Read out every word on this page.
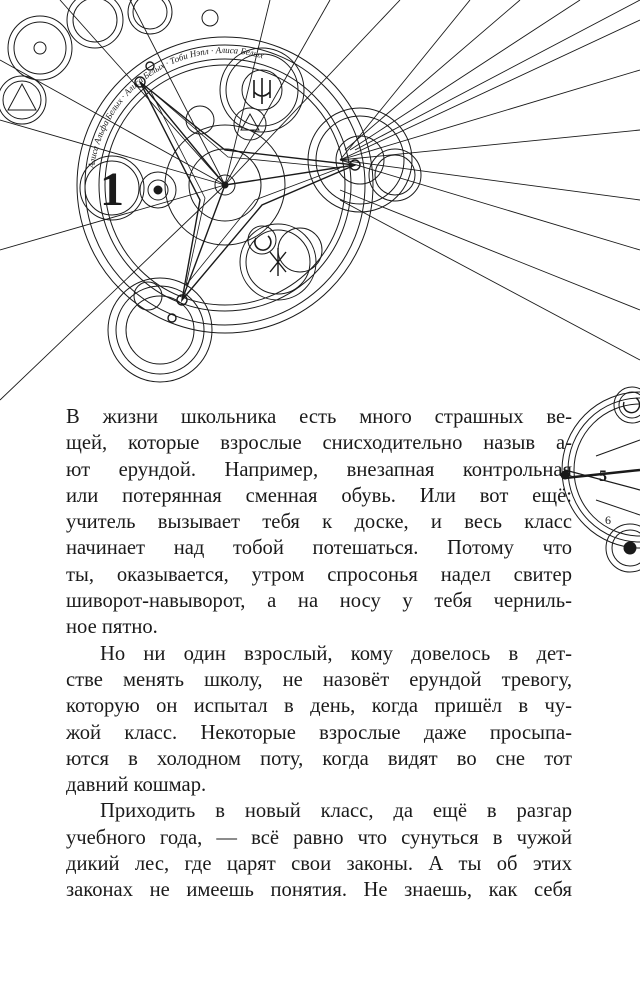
1
5
6
Алиса Альфа Белых · Алиса Белых · Тоби Нэпл · Алиса Белых

В жизни школьника есть много страшных ве-
щей, которые взрослые снисходительно назыв а-
ют ерундой. Например, внезапная контрольная
или потерянная сменная обувь. Или вот ещё:
учитель вызывает тебя к доске, и весь класс
начинает над тобой потешаться. Потому что
ты, оказывается, утром спросонья надел свитер
шиворот-навыворот, а на носу у тебя черниль-
ное пятно.

Но ни один взрослый, кому довелось в дет-
стве менять школу, не назовёт ерундой тревогу,
которую он испытал в день, когда пришёл в чу-
жой класс. Некоторые взрослые даже просыпа-
ются в холодном поту, когда видят во сне тот
давний кошмар.

Приходить в новый класс, да ещё в разгар
учебного года, — всё равно что сунуться в чужой
дикий лес, где царят свои законы. А ты об этих
законах не имеешь понятия. Не знаешь, как себя
